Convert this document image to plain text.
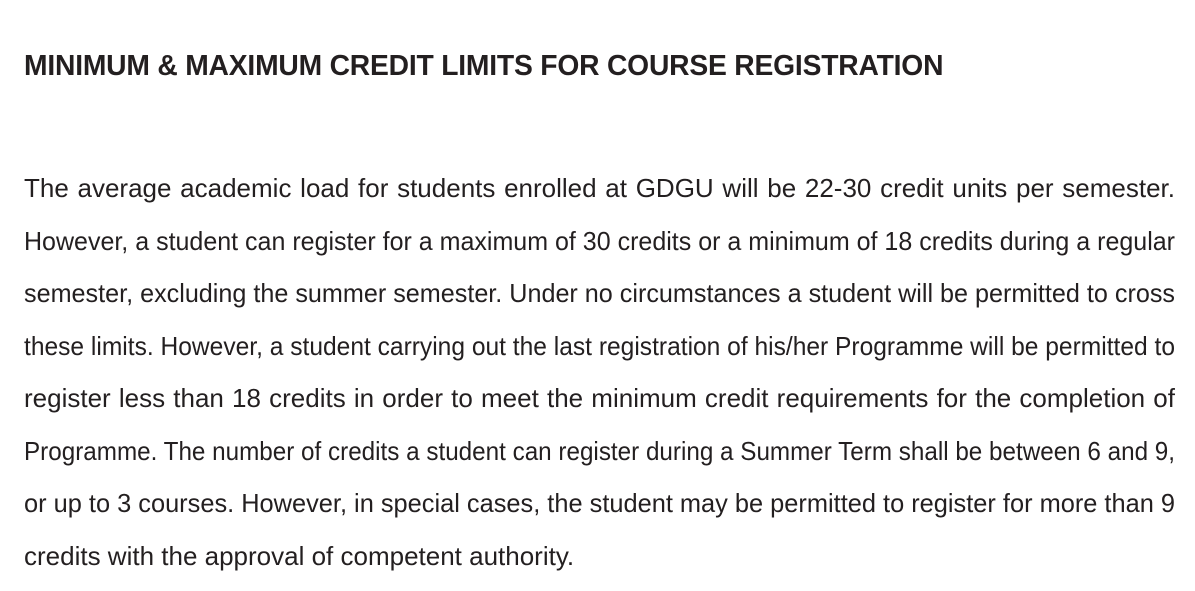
MINIMUM & MAXIMUM CREDIT LIMITS FOR COURSE REGISTRATION
The average academic load for students enrolled at GDGU will be 22-30 credit units per semester.
However, a student can register for a maximum of 30 credits or a minimum of 18 credits during a regular
semester, excluding the summer semester. Under no circumstances a student will be permitted to cross
these limits. However, a student carrying out the last registration of his/her Programme will be permitted to
register less than 18 credits in order to meet the minimum credit requirements for the completion of
Programme. The number of credits a student can register during a Summer Term shall be between 6 and 9,
or up to 3 courses. However, in special cases, the student may be permitted to register for more than 9
credits with the approval of competent authority.
